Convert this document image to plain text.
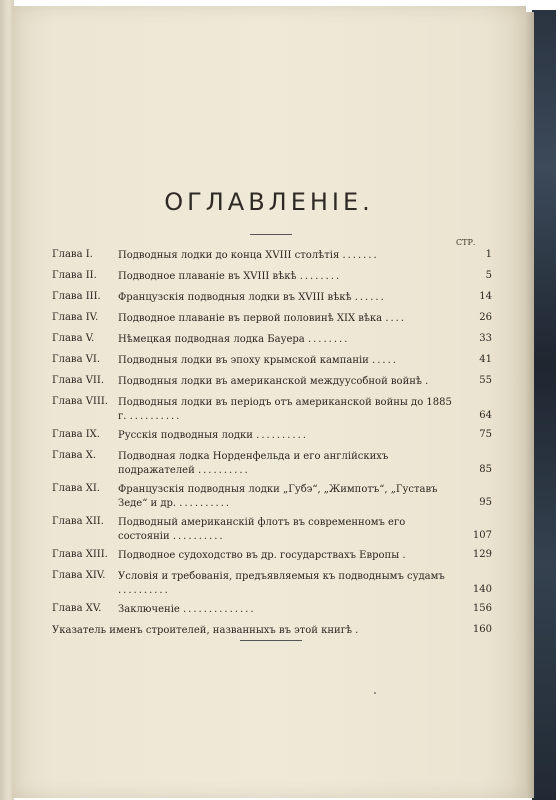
ОГЛАВЛЕНІЕ.
СТР.
Глава I.	Подводныя лодки до конца XVIII столѣтія .......	1
Глава II.	Подводное плаваніе въ XVIII вѣкѣ ........	5
Глава III.	Французскія подводныя лодки въ XVIII вѣкѣ ......	14
Глава IV.	Подводное плаваніе въ первой половинѣ XIX вѣка ....	26
Глава V.	Нѣмецкая подводная лодка Бауера ........	33
Глава VI.	Подводныя лодки въ эпоху крымской кампаніи .....	41
Глава VII.	Подводныя лодки въ американской междуусобной войнѣ .	55
Глава VIII.	Подводныя лодки въ періодъ отъ американской войны до 1885 г. ..........	64
Глава IX.	Русскія подводныя лодки ..........	75
Глава X.	Подводная лодка Норденфельда и его англійскихъ подражателей ..........	85
Глава XI.	Французскія подводныя лодки „Губэ“, „Жимпотъ“, „Густавъ Зеде“ и др. ..........	95
Глава XII.	Подводный американскій флотъ въ современномъ его состояніи ..........	107
Глава XIII.	Подводное судоходство въ др. государствахъ Европы .	129
Глава XIV.	Условія и требованія, предъявляемыя къ подводнымъ судамъ ..........	140
Глава XV.	Заключеніе ..............	156
Указатель именъ строителей, названныхъ въ этой книгѣ .	160
